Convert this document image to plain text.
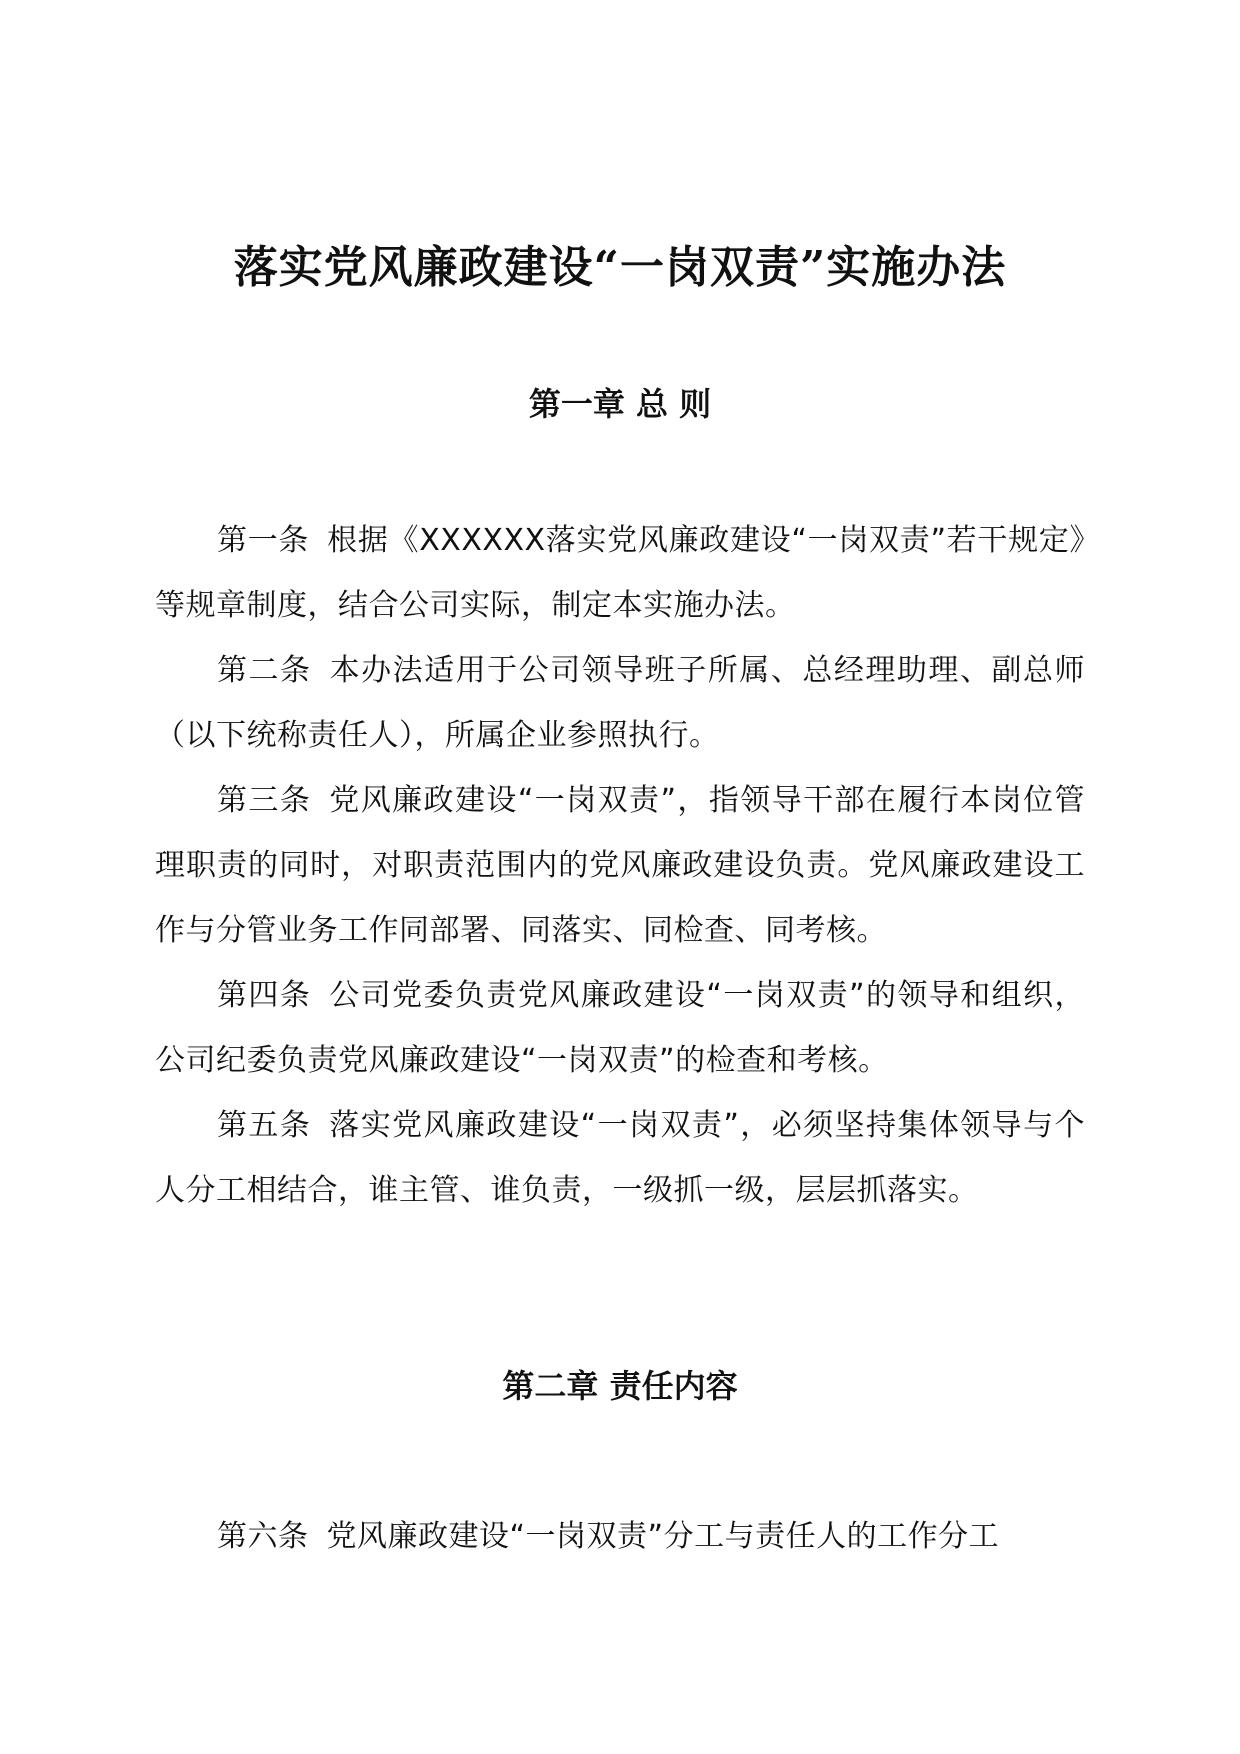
落实党风廉政建设“一岗双责”实施办法
第一章 总 则

第一条 根据《XXXXXX落实党风廉政建设“一岗双责”若干规定》等规章制度，结合公司实际，制定本实施办法。

第二条 本办法适用于公司领导班子所属、总经理助理、副总师（以下统称责任人），所属企业参照执行。

第三条 党风廉政建设“一岗双责”，指领导干部在履行本岗位管理职责的同时，对职责范围内的党风廉政建设负责。党风廉政建设工作与分管业务工作同部署、同落实、同检查、同考核。

第四条 公司党委负责党风廉政建设“一岗双责”的领导和组织，公司纪委负责党风廉政建设“一岗双责”的检查和考核。

第五条 落实党风廉政建设“一岗双责”，必须坚持集体领导与个人分工相结合，谁主管、谁负责，一级抓一级，层层抓落实。

第二章 责任内容

第六条 党风廉政建设“一岗双责”分工与责任人的工作分工
